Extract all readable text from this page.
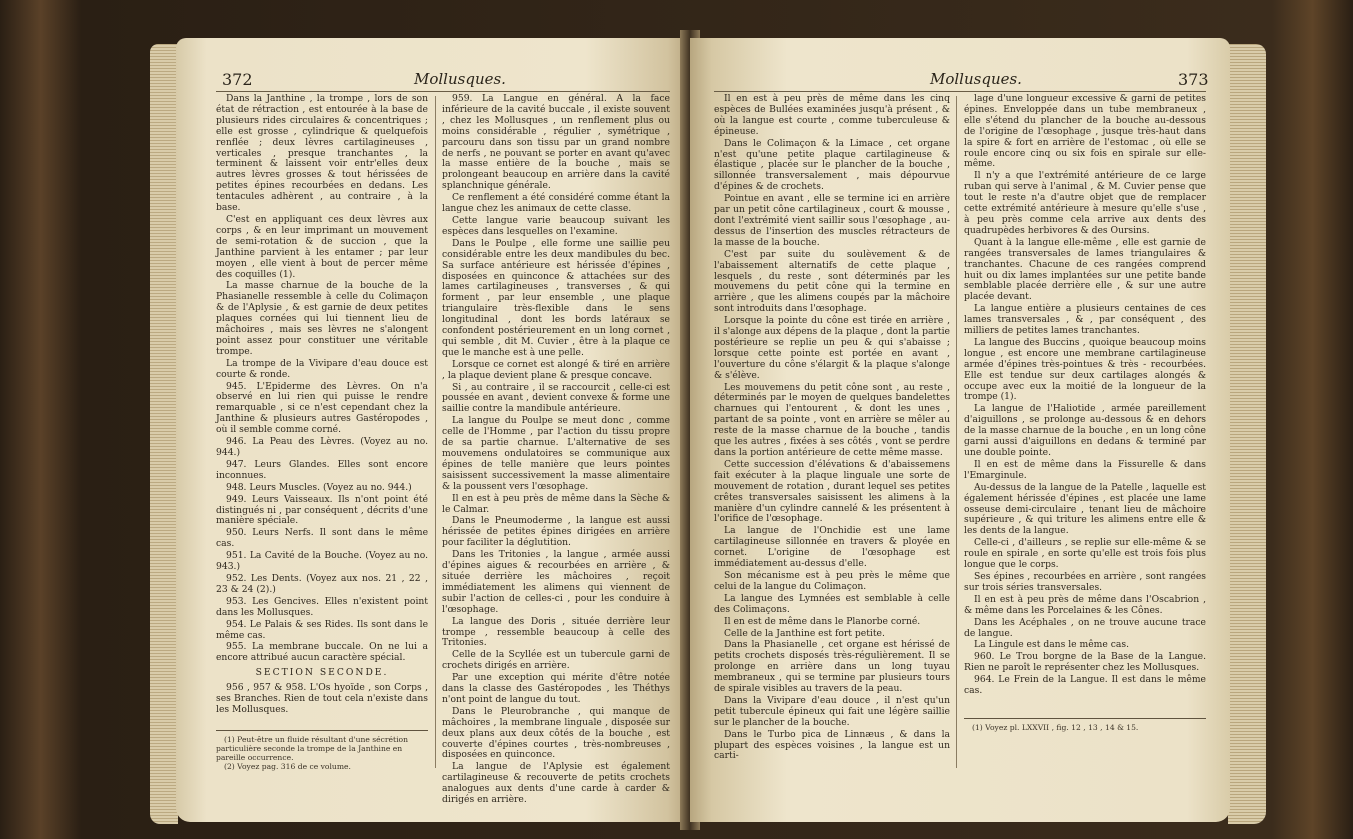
372	Mollusques.

Dans la Janthine , la trompe , lors de son état de rétraction , est entourée à la base de plusieurs rides circulaires & concentriques ; elle est grosse , cylindrique & quelquefois renflée ; deux lèvres cartilagineuses , verticales , presque tranchantes , la terminent & laissent voir entr'elles deux autres lèvres grosses & tout hérissées de petites épines recourbées en dedans. Les tentacules adhèrent , au contraire , à la base.

C'est en appliquant ces deux lèvres aux corps , & en leur imprimant un mouvement de semi-rotation & de succion , que la Janthine parvient à les entamer ; par leur moyen , elle vient à bout de percer même des coquilles (1).

La masse charnue de la bouche de la Phasianelle ressemble à celle du Colimaçon & de l'Aplysie , & est garnie de deux petites plaques cornées qui lui tiennent lieu de mâchoires , mais ses lèvres ne s'alongent point assez pour constituer une véritable trompe.

La trompe de la Vivipare d'eau douce est courte & ronde.

945. L'Epiderme des Lèvres. On n'a observé en lui rien qui puisse le rendre remarquable , si ce n'est cependant chez la Janthine & plusieurs autres Gastéropodes , où il semble comme corné.

946. La Peau des Lèvres. (Voyez au no. 944.)

947. Leurs Glandes. Elles sont encore inconnues.

948. Leurs Muscles. (Voyez au no. 944.)

949. Leurs Vaisseaux. Ils n'ont point été distingués ni , par conséquent , décrits d'une manière spéciale.

950. Leurs Nerfs. Il sont dans le même cas.

951. La Cavité de la Bouche. (Voyez au no. 943.)

952. Les Dents. (Voyez aux nos. 21 , 22 , 23 & 24 (2).)

953. Les Gencives. Elles n'existent point dans les Mollusques.

954. Le Palais & ses Rides. Ils sont dans le même cas.

955. La membrane buccale. On ne lui a encore attribué aucun caractère spécial.

SECTION SECONDE.

956 , 957 & 958. L'Os hyoïde , son Corps , ses Branches. Rien de tout cela n'existe dans les Mollusques.

959. La Langue en général. A la face inférieure de la cavité buccale , il existe souvent , chez les Mollusques , un renflement plus ou moins considérable , régulier , symétrique , parcouru dans son tissu par un grand nombre de nerfs , ne pouvant se porter en avant qu'avec la masse entière de la bouche , mais se prolongeant beaucoup en arrière dans la cavité splanchnique générale.

Ce renflement a été considéré comme étant la langue chez les animaux de cette classe.

Cette langue varie beaucoup suivant les espèces dans lesquelles on l'examine.

Dans le Poulpe , elle forme une saillie peu considérable entre les deux mandibules du bec. Sa surface antérieure est hérissée d'épines , disposées en quinconce & attachées sur des lames cartilagineuses , transverses , & qui forment , par leur ensemble , une plaque triangulaire très-flexible dans le sens longitudinal , dont les bords latéraux se confondent postérieurement en un long cornet , qui semble , dit M. Cuvier , être à la plaque ce que le manche est à une pelle.

Lorsque ce cornet est alongé & tiré en arrière , la plaque devient plane & presque concave.

Si , au contraire , il se raccourcit , celle-ci est poussée en avant , devient convexe & forme une saillie contre la mandibule antérieure.

La langue du Poulpe se meut donc , comme celle de l'Homme , par l'action du tissu propre de sa partie charnue. L'alternative de ses mouvemens ondulatoires se communique aux épines de telle manière que leurs pointes saisissent successivement la masse alimentaire & la poussent vers l'œsophage.

Il en est à peu près de même dans la Sèche & le Calmar.

Dans le Pneumoderme , la langue est aussi hérissée de petites épines dirigées en arrière pour faciliter la déglutition.

Dans les Tritonies , la langue , armée aussi d'épines aigues & recourbées en arrière , & située derrière les mâchoires , reçoit immédiatement les alimens qui viennent de subir l'action de celles-ci , pour les conduire à l'œsophage.

La langue des Doris , située derrière leur trompe , ressemble beaucoup à celle des Tritonies.

Celle de la Scyllée est un tubercule garni de crochets dirigés en arrière.

Par une exception qui mérite d'être notée dans la classe des Gastéropodes , les Théthys n'ont point de langue du tout.

Dans le Pleurobranche , qui manque de mâchoires , la membrane linguale , disposée sur deux plans aux deux côtés de la bouche , est couverte d'épines courtes , très-nombreuses , disposées en quinconce.

La langue de l'Aplysie est également cartilagineuse & recouverte de petits crochets analogues aux dents d'une carde à carder & dirigés en arrière.

(1) Peut-être un fluide résultant d'une sécrétion particulière seconde la trompe de la Janthine en pareille occurrence.

(2) Voyez pag. 316 de ce volume.

Mollusques.	373

Il en est à peu près de même dans les cinq espèces de Bullées examinées jusqu'à présent , & où la langue est courte , comme tuberculeuse & épineuse.

Dans le Colimaçon & la Limace , cet organe n'est qu'une petite plaque cartilagineuse & élastique , placée sur le plancher de la bouche , sillonnée transversalement , mais dépourvue d'épines & de crochets.

Pointue en avant , elle se termine ici en arrière par un petit cône cartilagineux , court & mousse , dont l'extrémité vient saillir sous l'œsophage , au-dessus de l'insertion des muscles rétracteurs de la masse de la bouche.

C'est par suite du soulèvement & de l'abaissement alternatifs de cette plaque , lesquels , du reste , sont déterminés par les mouvemens du petit cône qui la termine en arrière , que les alimens coupés par la mâchoire sont introduits dans l'œsophage.

Lorsque la pointe du cône est tirée en arrière , il s'alonge aux dépens de la plaque , dont la partie postérieure se replie un peu & qui s'abaisse ; lorsque cette pointe est portée en avant , l'ouverture du cône s'élargit & la plaque s'alonge & s'élève.

Les mouvemens du petit cône sont , au reste , déterminés par le moyen de quelques bandelettes charnues qui l'entourent , & dont les unes , partant de sa pointe , vont en arrière se mêler au reste de la masse charnue de la bouche , tandis que les autres , fixées à ses côtés , vont se perdre dans la portion antérieure de cette même masse.

Cette succession d'élévations & d'abaissemens fait exécuter à la plaque linguale une sorte de mouvement de rotation , durant lequel ses petites crêtes transversales saisissent les alimens à la manière d'un cylindre cannelé & les présentent à l'orifice de l'œsophage.

La langue de l'Onchidie est une lame cartilagineuse sillonnée en travers & ployée en cornet. L'origine de l'œsophage est immédiatement au-dessus d'elle.

Son mécanisme est à peu près le même que celui de la langue du Colimaçon.

La langue des Lymnées est semblable à celle des Colimaçons.

Il en est de même dans le Planorbe corné.

Celle de la Janthine est fort petite.

Dans la Phasianelle , cet organe est hérissé de petits crochets disposés très-régulièrement. Il se prolonge en arrière dans un long tuyau membraneux , qui se termine par plusieurs tours de spirale visibles au travers de la peau.

Dans la Vivipare d'eau douce , il n'est qu'un petit tubercule épineux qui fait une légère saillie sur le plancher de la bouche.

Dans le Turbo pica de Linnæus , & dans la plupart des espèces voisines , la langue est un carti-

lage d'une longueur excessive & garni de petites épines. Enveloppée dans un tube membraneux , elle s'étend du plancher de la bouche au-dessous de l'origine de l'œsophage , jusque très-haut dans la spire & fort en arrière de l'estomac , où elle se roule encore cinq ou six fois en spirale sur elle-même.

Il n'y a que l'extrémité antérieure de ce large ruban qui serve à l'animal , & M. Cuvier pense que tout le reste n'a d'autre objet que de remplacer cette extrémité antérieure à mesure qu'elle s'use , à peu près comme cela arrive aux dents des quadrupèdes herbivores & des Oursins.

Quant à la langue elle-même , elle est garnie de rangées transversales de lames triangulaires & tranchantes. Chacune de ces rangées comprend huit ou dix lames implantées sur une petite bande semblable placée derrière elle , & sur une autre placée devant.

La langue entière a plusieurs centaines de ces lames transversales , & , par conséquent , des milliers de petites lames tranchantes.

La langue des Buccins , quoique beaucoup moins longue , est encore une membrane cartilagineuse armée d'épines très-pointues & très - recourbées. Elle est tendue sur deux cartilages alongés & occupe avec eux la moitié de la longueur de la trompe (1).

La langue de l'Haliotide , armée pareillement d'aiguillons , se prolonge au-dessous & en dehors de la masse charnue de la bouche , en un long cône garni aussi d'aiguillons en dedans & terminé par une double pointe.

Il en est de même dans la Fissurelle & dans l'Emarginule.

Au-dessus de la langue de la Patelle , laquelle est également hérissée d'épines , est placée une lame osseuse demi-circulaire , tenant lieu de mâchoire supérieure , & qui triture les alimens entre elle & les dents de la langue.

Celle-ci , d'ailleurs , se replie sur elle-même & se roule en spirale , en sorte qu'elle est trois fois plus longue que le corps.

Ses épines , recourbées en arrière , sont rangées sur trois séries transversales.

Il en est à peu près de même dans l'Oscabrion , & même dans les Porcelaines & les Cônes.

Dans les Acéphales , on ne trouve aucune trace de langue.

La Lingule est dans le même cas.

960. Le Trou borgne de la Base de la Langue. Rien ne paroît le représenter chez les Mollusques.

964. Le Frein de la Langue. Il est dans le même cas.

(1) Voyez pl. LXXVII , fig. 12 , 13 , 14 & 15.
